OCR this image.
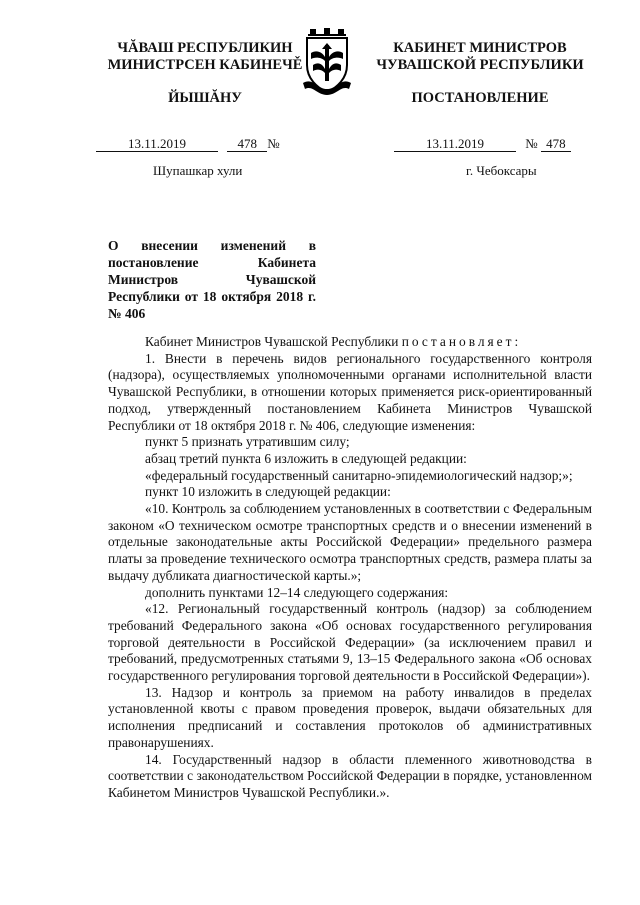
ЧĂВАШ РЕСПУБЛИКИН
МИНИСТРСЕН КАБИНЕЧĚ
ЙЫШĂНУ
КАБИНЕТ МИНИСТРОВ
ЧУВАШСКОЙ РЕСПУБЛИКИ
ПОСТАНОВЛЕНИЕ
13.11.2019	478 №	13.11.2019	№ 478
Шупашкар хули	г. Чебоксары
О внесении изменений в постановление Кабинета Министров Чувашской Республики от 18 октября 2018 г. № 406

Кабинет Министров Чувашской Республики постановляет:

1. Внести в перечень видов регионального государственного контроля (надзора), осуществляемых уполномоченными органами исполнительной власти Чувашской Республики, в отношении которых применяется риск-ориентированный подход, утвержденный постановлением Кабинета Министров Чувашской Республики от 18 октября 2018 г. № 406, следующие изменения:

пункт 5 признать утратившим силу;

абзац третий пункта 6 изложить в следующей редакции:

«федеральный государственный санитарно-эпидемиологический надзор;»;

пункт 10 изложить в следующей редакции:

«10. Контроль за соблюдением установленных в соответствии с Федеральным законом «О техническом осмотре транспортных средств и о внесении изменений в отдельные законодательные акты Российской Федерации» предельного размера платы за проведение технического осмотра транспортных средств, размера платы за выдачу дубликата диагностической карты.»;

дополнить пунктами 12–14 следующего содержания:

«12. Региональный государственный контроль (надзор) за соблюдением требований Федерального закона «Об основах государственного регулирования торговой деятельности в Российской Федерации» (за исключением правил и требований, предусмотренных статьями 9, 13–15 Федерального закона «Об основах государственного регулирования торговой деятельности в Российской Федерации»).

13. Надзор и контроль за приемом на работу инвалидов в пределах установленной квоты с правом проведения проверок, выдачи обязательных для исполнения предписаний и составления протоколов об административных правонарушениях.

14. Государственный надзор в области племенного животноводства в соответствии с законодательством Российской Федерации в порядке, установленном Кабинетом Министров Чувашской Республики.».
